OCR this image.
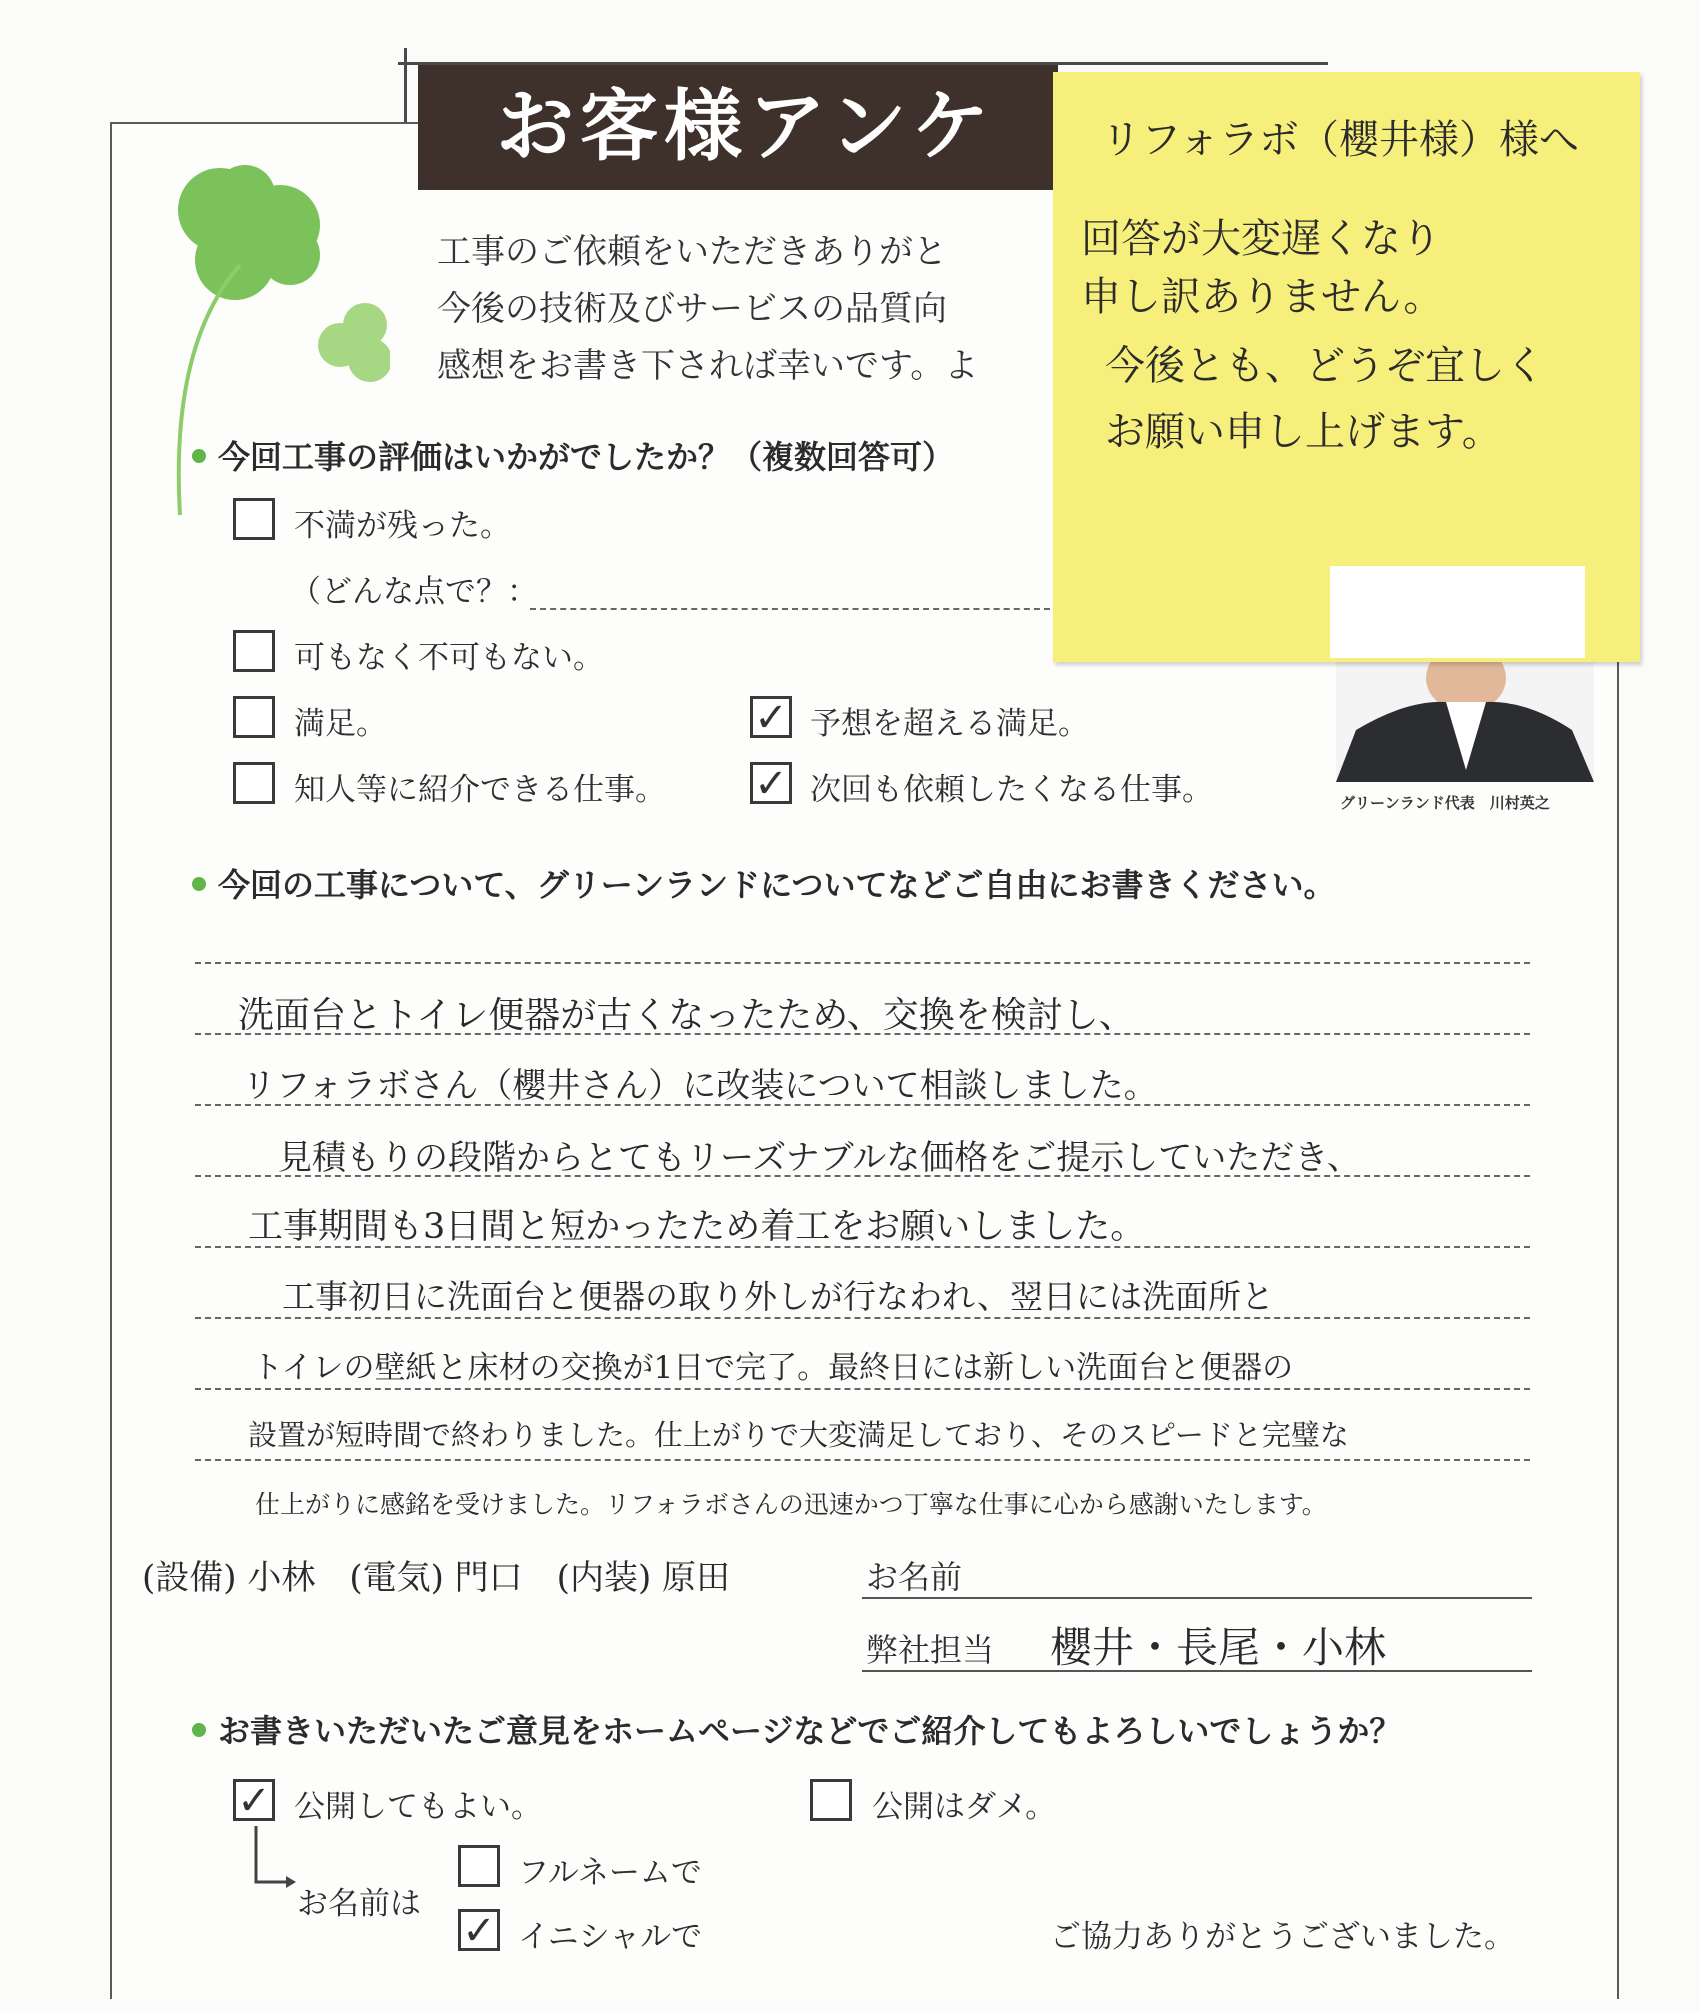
お客様アンケ
工事のご依頼をいただきありがと
今後の技術及びサービスの品質向
感想をお書き下されば幸いです。よ
今回工事の評価はいかがでしたか？（複数回答可）
不満が残った。
（どんな点で？：
可もなく不可もない。
満足。	✓ 予想を超える満足。
知人等に紹介できる仕事。 ✓ 次回も依頼したくなる仕事。	グリーンランド代表　川村英之
リフォラボ（櫻井様）様へ
回答が大変遅くなり
申し訳ありません。
今後とも、どうぞ宜しく
お願い申し上げます。
今回の工事について、グリーンランドについてなどご自由にお書きください。
洗面台とトイレ便器が古くなったため、交換を検討し、
リフォラボさん（櫻井さん）に改装について相談しました。
見積もりの段階からとてもリーズナブルな価格をご提示していただき、
工事期間も3日間と短かったため着工をお願いしました。
工事初日に洗面台と便器の取り外しが行なわれ、翌日には洗面所と
トイレの壁紙と床材の交換が1日で完了。最終日には新しい洗面台と便器の
設置が短時間で終わりました。仕上がりで大変満足しており、そのスピードと完璧な
仕上がりに感銘を受けました。リフォラボさんの迅速かつ丁寧な仕事に心から感謝いたします。
(設備) 小林　(電気) 門口　(内装) 原田	お名前
弊社担当 櫻井・長尾・小林
お書きいただいたご意見をホームページなどでご紹介してもよろしいでしょうか？
✓ 公開してもよい。	公開はダメ。
お名前は
フルネームで
✓ イニシャルで	ご協力ありがとうございました。
